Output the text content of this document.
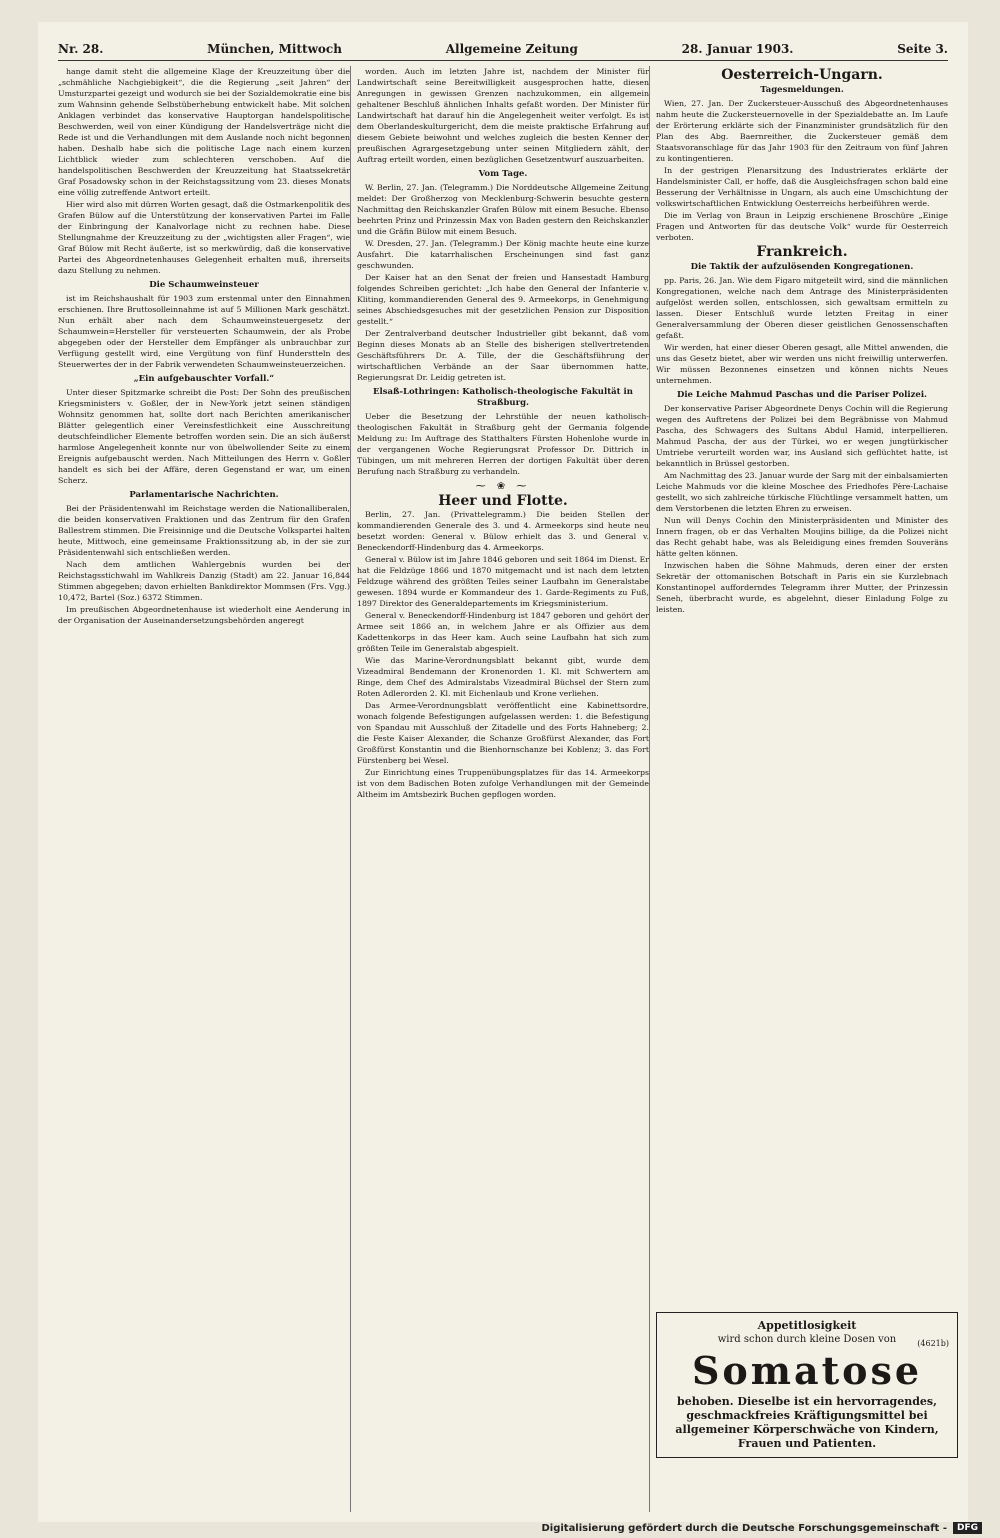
Nr. 28.	München, Mittwoch	Allgemeine Zeitung	28. Januar 1903.	Seite 3.

hange damit steht die allgemeine Klage der Kreuzzeitung über die „schmähliche Nachgiebigkeit“, die die Regierung „seit Jahren“ der Umsturzpartei gezeigt und wodurch sie bei der Sozialdemokratie eine bis zum Wahnsinn gehende Selbstüberhebung entwickelt habe. Mit solchen Anklagen verbindet das konservative Hauptorgan handelspolitische Beschwerden, weil von einer Kündigung der Handelsverträge nicht die Rede ist und die Verhandlungen mit dem Auslande noch nicht begonnen haben. Deshalb habe sich die politische Lage nach einem kurzen Lichtblick wieder zum schlechteren verschoben. Auf die handelspolitischen Beschwerden der Kreuzzeitung hat Staatssekretär Graf Posadowsky schon in der Reichstagssitzung vom 23. dieses Monats eine völlig zutreffende Antwort erteilt.

Hier wird also mit dürren Worten gesagt, daß die Ostmarkenpolitik des Grafen Bülow auf die Unterstützung der konservativen Partei im Falle der Einbringung der Kanalvorlage nicht zu rechnen habe. Diese Stellungnahme der Kreuzzeitung zu der „wichtigsten aller Fragen“, wie Graf Bülow mit Recht äußerte, ist so merkwürdig, daß die konservative Partei des Abgeordnetenhauses Gelegenheit erhalten muß, ihrerseits dazu Stellung zu nehmen.

Die Schaumweinsteuer

ist im Reichshaushalt für 1903 zum erstenmal unter den Einnahmen erschienen. Ihre Bruttosolleinnahme ist auf 5 Millionen Mark geschätzt. Nun erhält aber nach dem Schaumweinsteuergesetz der Schaumwein=Hersteller für versteuerten Schaumwein, der als Probe abgegeben oder der Hersteller dem Empfänger als unbrauchbar zur Verfügung gestellt wird, eine Vergütung von fünf Hunderstteln des Steuerwertes der in der Fabrik verwendeten Schaumweinsteuerzeichen.

„Ein aufgebauschter Vorfall.“

Unter dieser Spitzmarke schreibt die Post: Der Sohn des preußischen Kriegsministers v. Goßler, der in New-York jetzt seinen ständigen Wohnsitz genommen hat, sollte dort nach Berichten amerikanischer Blätter gelegentlich einer Vereinsfestlichkeit eine Ausschreitung deutschfeindlicher Elemente betroffen worden sein. Die an sich äußerst harmlose Angelegenheit konnte nur von übelwollender Seite zu einem Ereignis aufgebauscht werden. Nach Mitteilungen des Herrn v. Goßler handelt es sich bei der Affäre, deren Gegenstand er war, um einen Scherz.

Parlamentarische Nachrichten.

Bei der Präsidentenwahl im Reichstage werden die Nationalliberalen, die beiden konservativen Fraktionen und das Zentrum für den Grafen Ballestrem stimmen. Die Freisinnige und die Deutsche Volkspartei halten heute, Mittwoch, eine gemeinsame Fraktionssitzung ab, in der sie zur Präsidentenwahl sich entschließen werden.

Nach dem amtlichen Wahlergebnis wurden bei der Reichstagsstichwahl im Wahlkreis Danzig (Stadt) am 22. Januar 16,844 Stimmen abgegeben; davon erhielten Bankdirektor Mommsen (Frs. Vgg.) 10,472, Bartel (Soz.) 6372 Stimmen.

Im preußischen Abgeordnetenhause ist wiederholt eine Aenderung in der Organisation der Auseinandersetzungsbehörden angeregt

worden. Auch im letzten Jahre ist, nachdem der Minister für Landwirtschaft seine Bereitwilligkeit ausgesprochen hatte, diesen Anregungen in gewissen Grenzen nachzukommen, ein allgemein gehaltener Beschluß ähnlichen Inhalts gefaßt worden. Der Minister für Landwirtschaft hat darauf hin die Angelegenheit weiter verfolgt. Es ist dem Oberlandeskulturgericht, dem die meiste praktische Erfahrung auf diesem Gebiete beiwohnt und welches zugleich die besten Kenner der preußischen Agrargesetzgebung unter seinen Mitgliedern zählt, der Auftrag erteilt worden, einen bezüglichen Gesetzentwurf auszuarbeiten.

Vom Tage.

W. Berlin, 27. Jan. (Telegramm.) Die Norddeutsche Allgemeine Zeitung meldet: Der Großherzog von Mecklenburg-Schwerin besuchte gestern Nachmittag den Reichskanzler Grafen Bülow mit einem Besuche. Ebenso beehrten Prinz und Prinzessin Max von Baden gestern den Reichskanzler und die Gräfin Bülow mit einem Besuch.

W. Dresden, 27. Jan. (Telegramm.) Der König machte heute eine kurze Ausfahrt. Die katarrhalischen Erscheinungen sind fast ganz geschwunden.

Der Kaiser hat an den Senat der freien und Hansestadt Hamburg folgendes Schreiben gerichtet: „Ich habe den General der Infanterie v. Kliting, kommandierenden General des 9. Armeekorps, in Genehmigung seines Abschiedsgesuches mit der gesetzlichen Pension zur Disposition gestellt.“

Der Zentralverband deutscher Industrieller gibt bekannt, daß vom Beginn dieses Monats ab an Stelle des bisherigen stellvertretenden Geschäftsführers Dr. A. Tille, der die Geschäftsführung der wirtschaftlichen Verbände an der Saar übernommen hatte, Regierungsrat Dr. Leidig getreten ist.

Elsaß-Lothringen: Katholisch-theologische Fakultät in Straßburg.

Ueber die Besetzung der Lehrstühle der neuen katholisch-theologischen Fakultät in Straßburg geht der Germania folgende Meldung zu: Im Auftrage des Statthalters Fürsten Hohenlohe wurde in der vergangenen Woche Regierungsrat Professor Dr. Dittrich in Tübingen, um mit mehreren Herren der dortigen Fakultät über deren Berufung nach Straßburg zu verhandeln.

⁓ ❀ ⁓
Heer und Flotte.

Berlin, 27. Jan. (Privattelegramm.) Die beiden Stellen der kommandierenden Generale des 3. und 4. Armeekorps sind heute neu besetzt worden: General v. Bülow erhielt das 3. und General v. Beneckendorff-Hindenburg das 4. Armeekorps.

General v. Bülow ist im Jahre 1846 geboren und seit 1864 im Dienst. Er hat die Feldzüge 1866 und 1870 mitgemacht und ist nach dem letzten Feldzuge während des größten Teiles seiner Laufbahn im Generalstabe gewesen. 1894 wurde er Kommandeur des 1. Garde-Regiments zu Fuß, 1897 Direktor des Generaldepartements im Kriegsministerium.

General v. Beneckendorff-Hindenburg ist 1847 geboren und gehört der Armee seit 1866 an, in welchem Jahre er als Offizier aus dem Kadettenkorps in das Heer kam. Auch seine Laufbahn hat sich zum größten Teile im Generalstab abgespielt.

Wie das Marine-Verordnungsblatt bekannt gibt, wurde dem Vizeadmiral Bendemann der Kronenorden 1. Kl. mit Schwertern am Ringe, dem Chef des Admiralstabs Vizeadmiral Büchsel der Stern zum Roten Adlerorden 2. Kl. mit Eichenlaub und Krone verliehen.

Das Armee-Verordnungsblatt veröffentlicht eine Kabinettsordre, wonach folgende Befestigungen aufgelassen werden: 1. die Befestigung von Spandau mit Ausschluß der Zitadelle und des Forts Hahneberg; 2. die Feste Kaiser Alexander, die Schanze Großfürst Alexander, das Fort Großfürst Konstantin und die Bienhornschanze bei Koblenz; 3. das Fort Fürstenberg bei Wesel.

Zur Einrichtung eines Truppenübungsplatzes für das 14. Armeekorps ist von dem Badischen Boten zufolge Verhandlungen mit der Gemeinde Altheim im Amtsbezirk Buchen gepflogen worden.

Oesterreich-Ungarn.
Tagesmeldungen.

Wien, 27. Jan. Der Zuckersteuer-Ausschuß des Abgeordnetenhauses nahm heute die Zuckersteuernovelle in der Spezialdebatte an. Im Laufe der Erörterung erklärte sich der Finanzminister grundsätzlich für den Plan des Abg. Baernreither, die Zuckersteuer gemäß dem Staatsvoranschlage für das Jahr 1903 für den Zeitraum von fünf Jahren zu kontingentieren.

In der gestrigen Plenarsitzung des Industrierates erklärte der Handelsminister Call, er hoffe, daß die Ausgleichsfragen schon bald eine Besserung der Verhältnisse in Ungarn, als auch eine Umschichtung der volkswirtschaftlichen Entwicklung Oesterreichs herbeiführen werde.

Die im Verlag von Braun in Leipzig erschienene Broschüre „Einige Fragen und Antworten für das deutsche Volk“ wurde für Oesterreich verboten.

Frankreich.
Die Taktik der aufzulösenden Kongregationen.

pp. Paris, 26. Jan. Wie dem Figaro mitgeteilt wird, sind die männlichen Kongregationen, welche nach dem Antrage des Ministerpräsidenten aufgelöst werden sollen, entschlossen, sich gewaltsam ermitteln zu lassen. Dieser Entschluß wurde letzten Freitag in einer Generalversammlung der Oberen dieser geistlichen Genossenschaften gefaßt.

Wir werden, hat einer dieser Oberen gesagt, alle Mittel anwenden, die uns das Gesetz bietet, aber wir werden uns nicht freiwillig unterwerfen. Wir müssen Bezonnenes einsetzen und können nichts Neues unternehmen.

Die Leiche Mahmud Paschas und die Pariser Polizei.

Der konservative Pariser Abgeordnete Denys Cochin will die Regierung wegen des Auftretens der Polizei bei dem Begräbnisse von Mahmud Pascha, des Schwagers des Sultans Abdul Hamid, interpellieren. Mahmud Pascha, der aus der Türkei, wo er wegen jungtürkischer Umtriebe verurteilt worden war, ins Ausland sich geflüchtet hatte, ist bekanntlich in Brüssel gestorben.

Am Nachmittag des 23. Januar wurde der Sarg mit der einbalsamierten Leiche Mahmuds vor die kleine Moschee des Friedhofes Père-Lachaise gestellt, wo sich zahlreiche türkische Flüchtlinge versammelt hatten, um dem Verstorbenen die letzten Ehren zu erweisen.

Nun will Denys Cochin den Ministerpräsidenten und Minister des Innern fragen, ob er das Verhalten Moujins billige, da die Polizei nicht das Recht gehabt habe, was als Beleidigung eines fremden Souveräns hätte gelten können.

Inzwischen haben die Söhne Mahmuds, deren einer der ersten Sekretär der ottomanischen Botschaft in Paris ein sie Kurzlebnach Konstantinopel aufforderndes Telegramm ihrer Mutter, der Prinzessin Seneh, überbracht wurde, es abgelehnt, dieser Einladung Folge zu leisten.

Appetitlosigkeit
wird schon durch kleine Dosen von	(4621b)
Somatose
behoben. Dieselbe ist ein hervorragendes, geschmackfreies Kräftigungsmittel bei allgemeiner Körperschwäche von Kindern, Frauen und Patienten.
Digitalisierung gefördert durch die Deutsche Forschungsgemeinschaft -	DFG
